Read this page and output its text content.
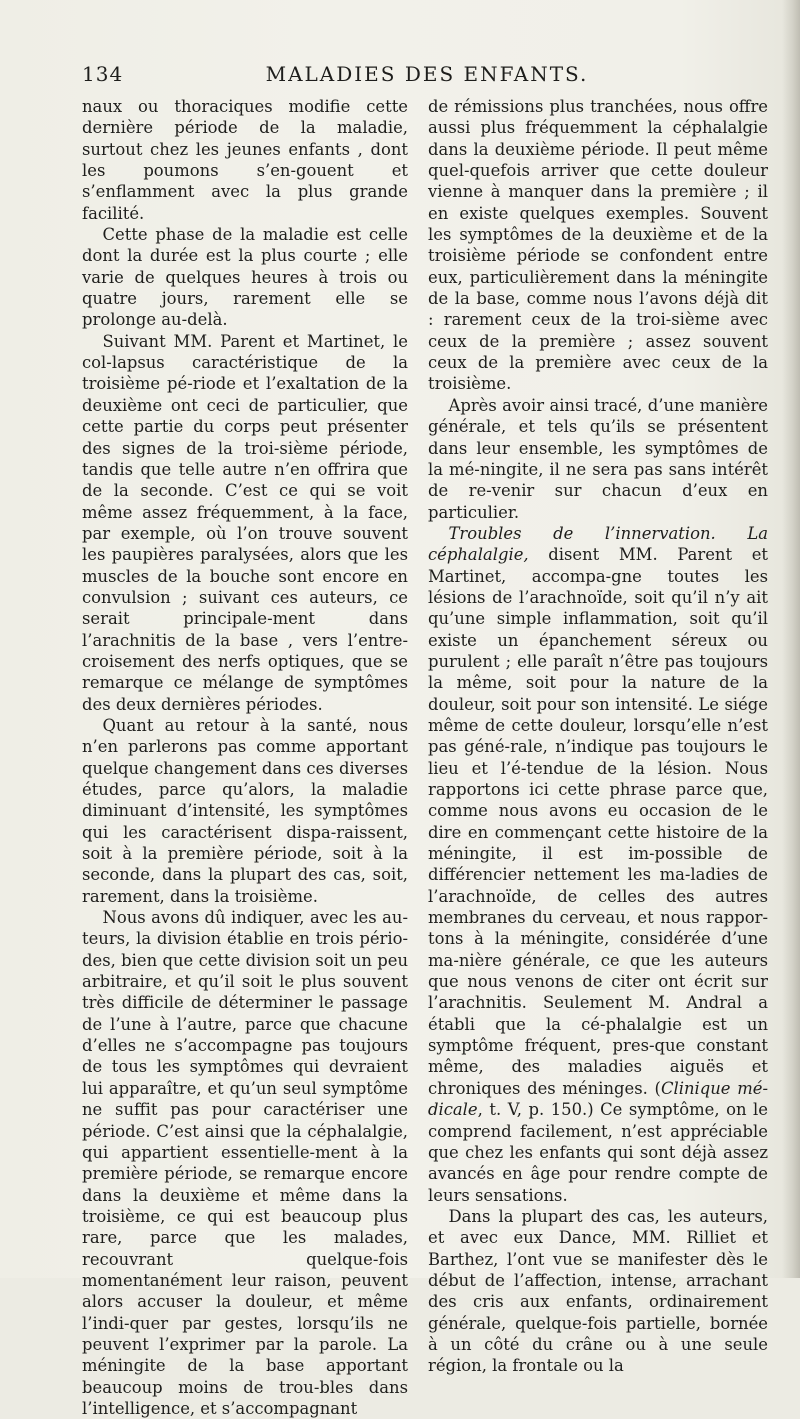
134	MALADIES DES ENFANTS.

naux ou thoraciques modifie cette dernière période de la maladie, surtout chez les jeunes enfants , dont les poumons s’en-gouent et s’enflamment avec la plus grande facilité.

Cette phase de la maladie est celle dont la durée est la plus courte ; elle varie de quelques heures à trois ou quatre jours, rarement elle se prolonge au-delà.

Suivant MM. Parent et Martinet, le col-lapsus caractéristique de la troisième pé-riode et l’exaltation de la deuxième ont ceci de particulier, que cette partie du corps peut présenter des signes de la troi-sième période, tandis que telle autre n’en offrira que de la seconde. C’est ce qui se voit même assez fréquemment, à la face, par exemple, où l’on trouve souvent les paupières paralysées, alors que les muscles de la bouche sont encore en convulsion ; suivant ces auteurs, ce serait principale-ment dans l’arachnitis de la base , vers l’entre-croisement des nerfs optiques, que se remarque ce mélange de symptômes des deux dernières périodes.

Quant au retour à la santé, nous n’en parlerons pas comme apportant quelque changement dans ces diverses études, parce qu’alors, la maladie diminuant d’intensité, les symptômes qui les caractérisent dispa-raissent, soit à la première période, soit à la seconde, dans la plupart des cas, soit, rarement, dans la troisième.

Nous avons dû indiquer, avec les au-teurs, la division établie en trois pério-des, bien que cette division soit un peu arbitraire, et qu’il soit le plus souvent très difficile de déterminer le passage de l’une à l’autre, parce que chacune d’elles ne s’accompagne pas toujours de tous les symptômes qui devraient lui apparaître, et qu’un seul symptôme ne suffit pas pour caractériser une période. C’est ainsi que la céphalalgie, qui appartient essentielle-ment à la première période, se remarque encore dans la deuxième et même dans la troisième, ce qui est beaucoup plus rare, parce que les malades, recouvrant quelque-fois momentanément leur raison, peuvent alors accuser la douleur, et même l’indi-quer par gestes, lorsqu’ils ne peuvent l’exprimer par la parole. La méningite de la base apportant beaucoup moins de trou-bles dans l’intelligence, et s’accompagnant

de rémissions plus tranchées, nous offre aussi plus fréquemment la céphalalgie dans la deuxième période. Il peut même quel-quefois arriver que cette douleur vienne à manquer dans la première ; il en existe quelques exemples. Souvent les symptômes de la deuxième et de la troisième période se confondent entre eux, particulièrement dans la méningite de la base, comme nous l’avons déjà dit : rarement ceux de la troi-sième avec ceux de la première ; assez souvent ceux de la première avec ceux de la troisième.

Après avoir ainsi tracé, d’une manière générale, et tels qu’ils se présentent dans leur ensemble, les symptômes de la mé-ningite, il ne sera pas sans intérêt de re-venir sur chacun d’eux en particulier.

Troubles de l’innervation. La céphalalgie, disent MM. Parent et Martinet, accompa-gne toutes les lésions de l’arachnoïde, soit qu’il n’y ait qu’une simple inflammation, soit qu’il existe un épanchement séreux ou purulent ; elle paraît n’être pas toujours la même, soit pour la nature de la douleur, soit pour son intensité. Le siége même de cette douleur, lorsqu’elle n’est pas géné-rale, n’indique pas toujours le lieu et l’é-tendue de la lésion. Nous rapportons ici cette phrase parce que, comme nous avons eu occasion de le dire en commençant cette histoire de la méningite, il est im-possible de différencier nettement les ma-ladies de l’arachnoïde, de celles des autres membranes du cerveau, et nous rappor-tons à la méningite, considérée d’une ma-nière générale, ce que les auteurs que nous venons de citer ont écrit sur l’arachnitis. Seulement M. Andral a établi que la cé-phalalgie est un symptôme fréquent, pres-que constant même, des maladies aiguës et chroniques des méninges. (Clinique mé-dicale, t. V, p. 150.) Ce symptôme, on le comprend facilement, n’est appréciable que chez les enfants qui sont déjà assez avancés en âge pour rendre compte de leurs sensations.

Dans la plupart des cas, les auteurs, et avec eux Dance, MM. Rilliet et Barthez, l’ont vue se manifester dès le début de l’affection, intense, arrachant des cris aux enfants, ordinairement générale, quelque-fois partielle, bornée à un côté du crâne ou à une seule région, la frontale ou la
